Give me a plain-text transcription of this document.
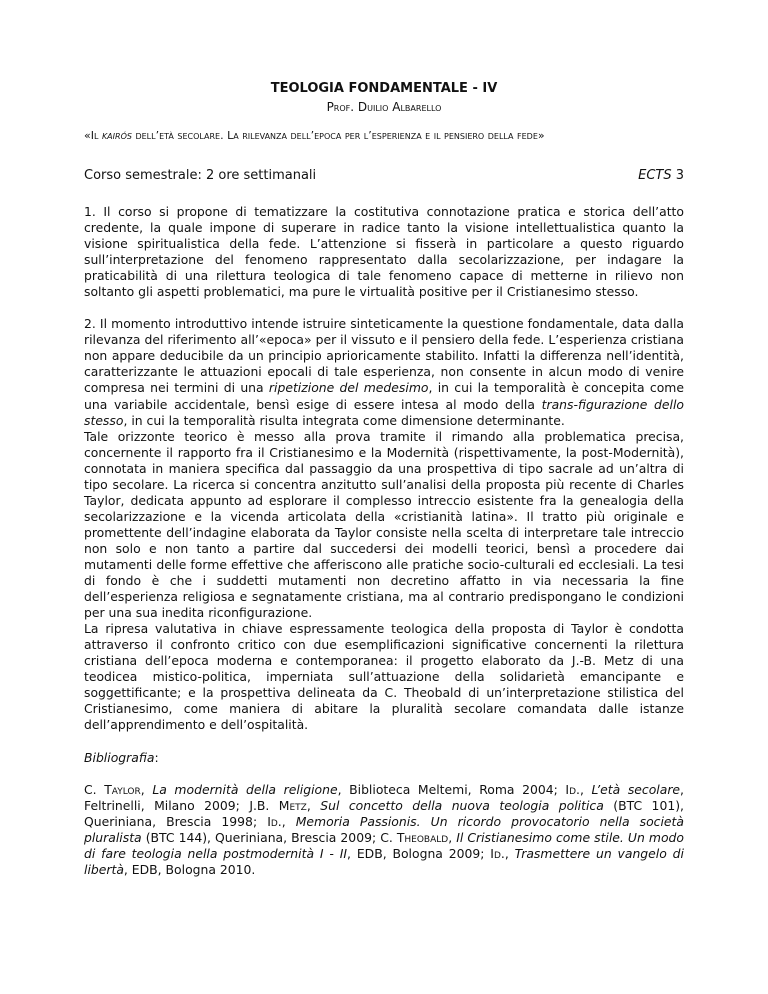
TEOLOGIA FONDAMENTALE - IV
Prof. Duilio Albarello
«Il kairós dell’età secolare. La rilevanza dell’epoca per l’esperienza e il pensiero della fede»
Corso semestrale: 2 ore settimanali	ECTS 3

1. Il corso si propone di tematizzare la costitutiva connotazione pratica e storica dell’atto credente, la quale impone di superare in radice tanto la visione intellettualistica quanto la visione spiritualistica della fede. L’attenzione si fisserà in particolare a questo riguardo sull’interpretazione del fenomeno rappresentato dalla secolarizzazione, per indagare la praticabilità di una rilettura teologica di tale fenomeno capace di metterne in rilievo non soltanto gli aspetti problematici, ma pure le virtualità positive per il Cristianesimo stesso.

2. Il momento introduttivo intende istruire sinteticamente la questione fondamentale, data dalla rilevanza del riferimento all’«epoca» per il vissuto e il pensiero della fede. L’esperienza cristiana non appare deducibile da un principio aprioricamente stabilito. Infatti la differenza nell’identità, caratterizzante le attuazioni epocali di tale esperienza, non consente in alcun modo di venire compresa nei termini di una ripetizione del medesimo, in cui la temporalità è concepita come una variabile accidentale, bensì esige di essere intesa al modo della trans-figurazione dello stesso, in cui la temporalità risulta integrata come dimensione determinante.

Tale orizzonte teorico è messo alla prova tramite il rimando alla problematica precisa, concernente il rapporto fra il Cristianesimo e la Modernità (rispettivamente, la post-Modernità), connotata in maniera specifica dal passaggio da una prospettiva di tipo sacrale ad un’altra di tipo secolare. La ricerca si concentra anzitutto sull’analisi della proposta più recente di Charles Taylor, dedicata appunto ad esplorare il complesso intreccio esistente fra la genealogia della secolarizzazione e la vicenda articolata della «cristianità latina». Il tratto più originale e promettente dell’indagine elaborata da Taylor consiste nella scelta di interpretare tale intreccio non solo e non tanto a partire dal succedersi dei modelli teorici, bensì a procedere dai mutamenti delle forme effettive che afferiscono alle pratiche socio-culturali ed ecclesiali. La tesi di fondo è che i suddetti mutamenti non decretino affatto in via necessaria la fine dell’esperienza religiosa e segnatamente cristiana, ma al contrario predispongano le condizioni per una sua inedita riconfigurazione.

La ripresa valutativa in chiave espressamente teologica della proposta di Taylor è condotta attraverso il confronto critico con due esemplificazioni significative concernenti la rilettura cristiana dell’epoca moderna e contemporanea: il progetto elaborato da J.-B. Metz di una teodicea mistico-politica, imperniata sull’attuazione della solidarietà emancipante e soggettificante; e la prospettiva delineata da C. Theobald di un’interpretazione stilistica del Cristianesimo, come maniera di abitare la pluralità secolare comandata dalle istanze dell’apprendimento e dell’ospitalità.

Bibliografia:

C. Taylor, La modernità della religione, Biblioteca Meltemi, Roma 2004; Id., L’età secolare, Feltrinelli, Milano 2009; J.B. Metz, Sul concetto della nuova teologia politica (BTC 101), Queriniana, Brescia 1998; Id., Memoria Passionis. Un ricordo provocatorio nella società pluralista (BTC 144), Queriniana, Brescia 2009; C. Theobald, Il Cristianesimo come stile. Un modo di fare teologia nella postmodernità I - II, EDB, Bologna 2009; Id., Trasmettere un vangelo di libertà, EDB, Bologna 2010.
